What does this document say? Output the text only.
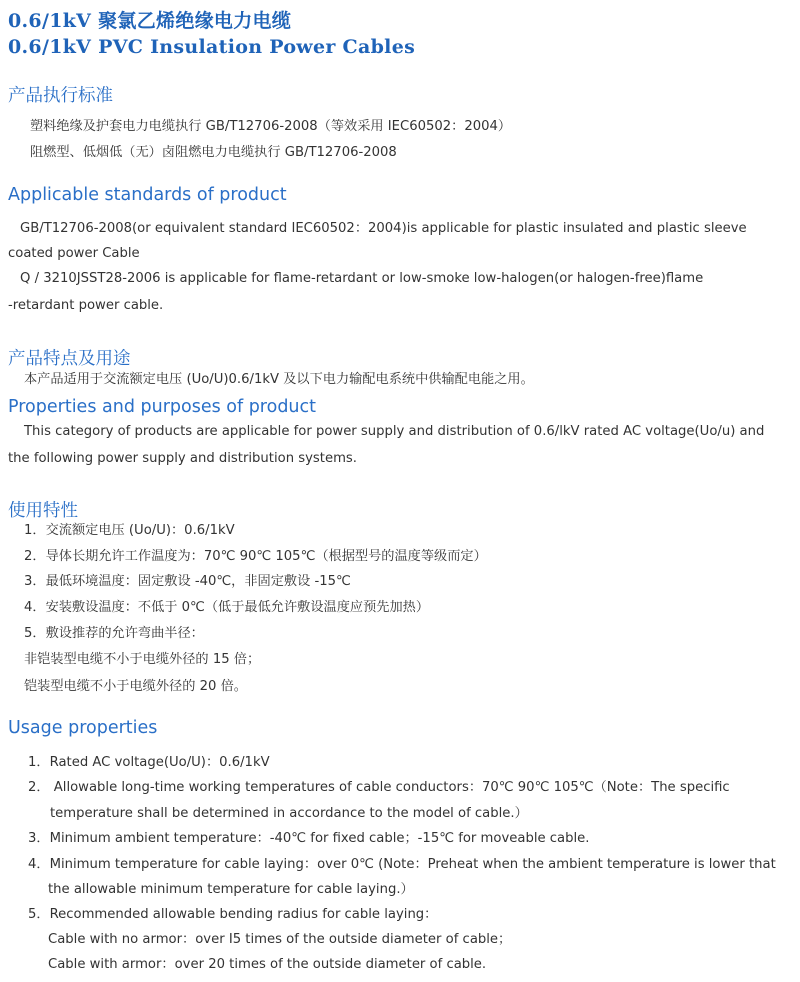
0.6/1kV 聚氯乙烯绝缘电力电缆
0.6/1kV PVC Insulation Power Cables
产品执行标准
塑料绝缘及护套电力电缆执行 GB/T12706-2008（等效采用 IEC60502：2004）
阻燃型、低烟低（无）卤阻燃电力电缆执行 GB/T12706-2008
Applicable standards of product
GB/T12706-2008(or equivalent standard IEC60502：2004)is applicable for plastic insulated and plastic sleeve
coated power Cable
Q / 3210JSST28-2006 is applicable for flame-retardant or low-smoke low-halogen(or halogen-free)flame
-retardant power cable.
产品特点及用途
本产品适用于交流额定电压 (Uo/U)0.6/1kV 及以下电力输配电系统中供输配电能之用。
Properties and purposes of product
This category of products are applicable for power supply and distribution of 0.6/lkV rated AC voltage(Uo/u) and
the following power supply and distribution systems.
使用特性
1．交流额定电压 (Uo/U)：0.6/1kV
2．导体长期允许工作温度为：70℃ 90℃ 105℃（根据型号的温度等级而定）
3．最低环境温度：固定敷设 -40℃，非固定敷设 -15℃
4．安装敷设温度：不低于 0℃（低于最低允许敷设温度应预先加热）
5．敷设推荐的允许弯曲半径：
非铠装型电缆不小于电缆外径的 15 倍；
铠装型电缆不小于电缆外径的 20 倍。
Usage properties
1．Rated AC voltage(Uo/U)：0.6/1kV
2． Allowable long-time working temperatures of cable conductors：70℃ 90℃ 105℃（Note：The specific
temperature shall be determined in accordance to the model of cable.）
3．Minimum ambient temperature：-40℃ for fixed cable；-15℃ for moveable cable.
4．Minimum temperature for cable laying：over 0℃ (Note：Preheat when the ambient temperature is lower that
the allowable minimum temperature for cable laying.）
5．Recommended allowable bending radius for cable laying：
Cable with no armor：over I5 times of the outside diameter of cable；
Cable with armor：over 20 times of the outside diameter of cable.
